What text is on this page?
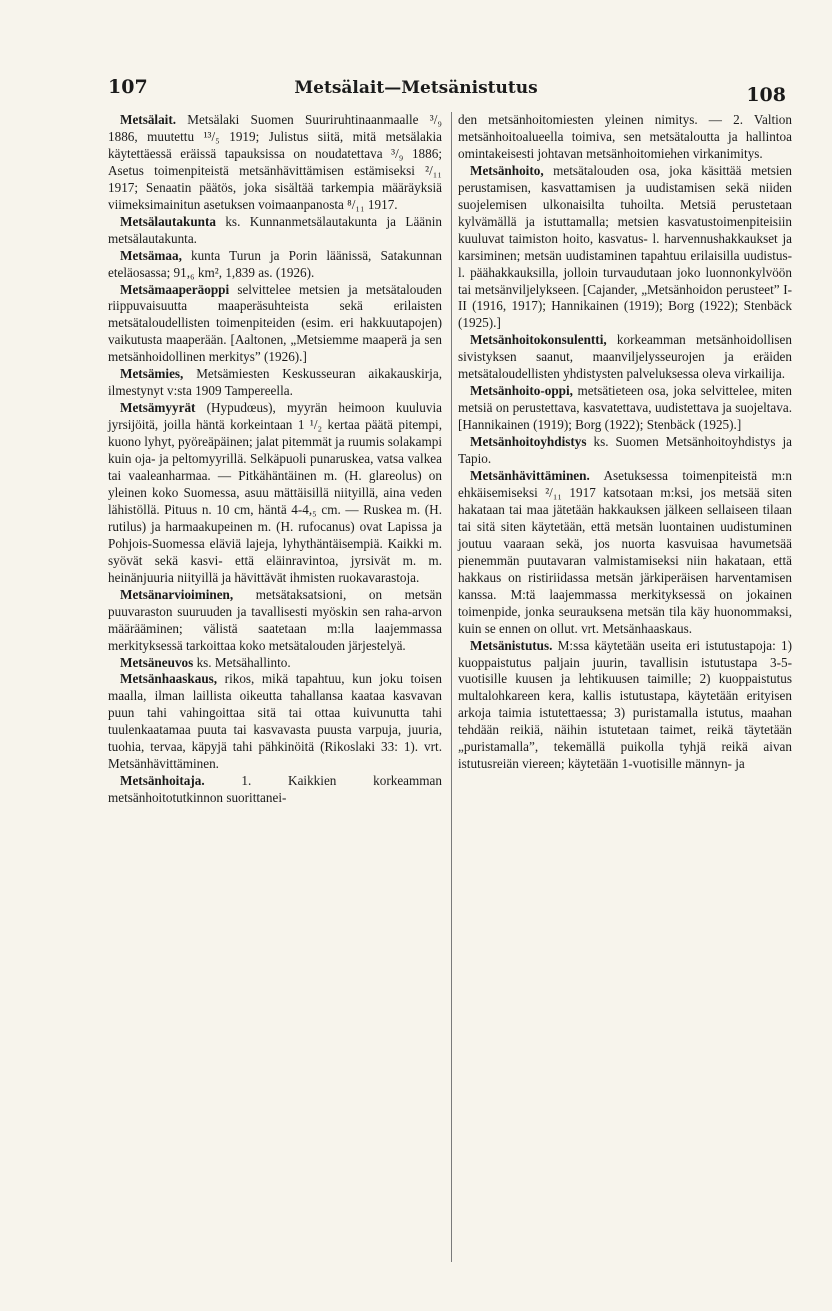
107	Metsälait—Metsänistutus	108

Metsälait. Metsälaki Suomen Suuriruhtinaanmaalle ³/₉ 1886, muutettu ¹³/₅ 1919; Julistus siitä, mitä metsälakia käytettäessä eräissä tapauksissa on noudatettava ³/₉ 1886; Asetus toimenpiteistä metsänhävittämisen estämiseksi ²/₁₁ 1917; Senaatin päätös, joka sisältää tarkempia määräyksiä viimeksimainitun asetuksen voimaanpanosta ⁸/₁₁ 1917.

Metsälautakunta ks. Kunnanmetsälautakunta ja Läänin metsälautakunta.

Metsämaa, kunta Turun ja Porin läänissä, Satakunnan eteläosassa; 91,₆ km², 1,839 as. (1926).

Metsämaaperäoppi selvittelee metsien ja metsätalouden riippuvaisuutta maaperäsuhteista sekä erilaisten metsätaloudellisten toimenpiteiden (esim. eri hakkuutapojen) vaikutusta maaperään. [Aaltonen, „Metsiemme maaperä ja sen metsänhoidollinen merkitys” (1926).]

Metsämies, Metsämiesten Keskusseuran aikakauskirja, ilmestynyt v:sta 1909 Tampereella.

Metsämyyrät (Hypudœus), myyrän heimoon kuuluvia jyrsijöitä, joilla häntä korkeintaan 1 ¹/₂ kertaa päätä pitempi, kuono lyhyt, pyöreäpäinen; jalat pitemmät ja ruumis solakampi kuin oja- ja peltomyyrillä. Selkäpuoli punaruskea, vatsa valkea tai vaaleanharmaa. — Pitkähäntäinen m. (H. glareolus) on yleinen koko Suomessa, asuu mättäisillä niityillä, aina veden lähistöllä. Pituus n. 10 cm, häntä 4-4,₅ cm. — Ruskea m. (H. rutilus) ja harmaakupeinen m. (H. rufocanus) ovat Lapissa ja Pohjois-Suomessa eläviä lajeja, lyhythäntäisempiä. Kaikki m. syövät sekä kasvi- että eläinravintoa, jyrsivät m. m. heinänjuuria niityillä ja hävittävät ihmisten ruokavarastoja.

Metsänarvioiminen, metsätaksatsioni, on metsän puuvaraston suuruuden ja tavallisesti myöskin sen raha-arvon määrääminen; välistä saatetaan m:lla laajemmassa merkityksessä tarkoittaa koko metsätalouden järjestelyä.

Metsäneuvos ks. Metsähallinto.

Metsänhaaskaus, rikos, mikä tapahtuu, kun joku toisen maalla, ilman laillista oikeutta tahallansa kaataa kasvavan puun tahi vahingoittaa sitä tai ottaa kuivunutta tahi tuulenkaatamaa puuta tai kasvavasta puusta varpuja, juuria, tuohia, tervaa, käpyjä tahi pähkinöitä (Rikoslaki 33: 1). vrt. Metsänhävittäminen.

Metsänhoitaja. 1. Kaikkien korkeamman metsänhoitotutkinnon suorittanei-

den metsänhoitomiesten yleinen nimitys. — 2. Valtion metsänhoitoalueella toimiva, sen metsätaloutta ja hallintoa omintakeisesti johtavan metsänhoitomiehen virkanimitys.

Metsänhoito, metsätalouden osa, joka käsittää metsien perustamisen, kasvattamisen ja uudistamisen sekä niiden suojelemisen ulkonaisilta tuhoilta. Metsiä perustetaan kylvämällä ja istuttamalla; metsien kasvatustoimenpiteisiin kuuluvat taimiston hoito, kasvatus- l. harvennushakkaukset ja karsiminen; metsän uudistaminen tapahtuu erilaisilla uudistus- l. päähakkauksilla, jolloin turvaudutaan joko luonnonkylvöön tai metsänviljelykseen. [Cajander, „Metsänhoidon perusteet” I-II (1916, 1917); Hannikainen (1919); Borg (1922); Stenbäck (1925).]

Metsänhoitokonsulentti, korkeamman metsänhoidollisen sivistyksen saanut, maanviljelysseurojen ja eräiden metsätaloudellisten yhdistysten palveluksessa oleva virkailija.

Metsänhoito-oppi, metsätieteen osa, joka selvittelee, miten metsiä on perustettava, kasvatettava, uudistettava ja suojeltava. [Hannikainen (1919); Borg (1922); Stenbäck (1925).]

Metsänhoitoyhdistys ks. Suomen Metsänhoitoyhdistys ja Tapio.

Metsänhävittäminen. Asetuksessa toimenpiteistä m:n ehkäisemiseksi ²/₁₁ 1917 katsotaan m:ksi, jos metsää siten hakataan tai maa jätetään hakkauksen jälkeen sellaiseen tilaan tai sitä siten käytetään, että metsän luontainen uudistuminen joutuu vaaraan sekä, jos nuorta kasvuisaa havumetsää pienemmän puutavaran valmistamiseksi niin hakataan, että hakkaus on ristiriidassa metsän järkiperäisen harventamisen kanssa. M:tä laajemmassa merkityksessä on jokainen toimenpide, jonka seurauksena metsän tila käy huonommaksi, kuin se ennen on ollut. vrt. Metsänhaaskaus.

Metsänistutus. M:ssa käytetään useita eri istutustapoja: 1) kuoppaistutus paljain juurin, tavallisin istutustapa 3-5-vuotisille kuusen ja lehtikuusen taimille; 2) kuoppaistutus multalohkareen kera, kallis istutustapa, käytetään erityisen arkoja taimia istutettaessa; 3) puristamalla istutus, maahan tehdään reikiä, näihin istutetaan taimet, reikä täytetään „puristamalla”, tekemällä puikolla tyhjä reikä aivan istutusreiän viereen; käytetään 1-vuotisille männyn- ja
